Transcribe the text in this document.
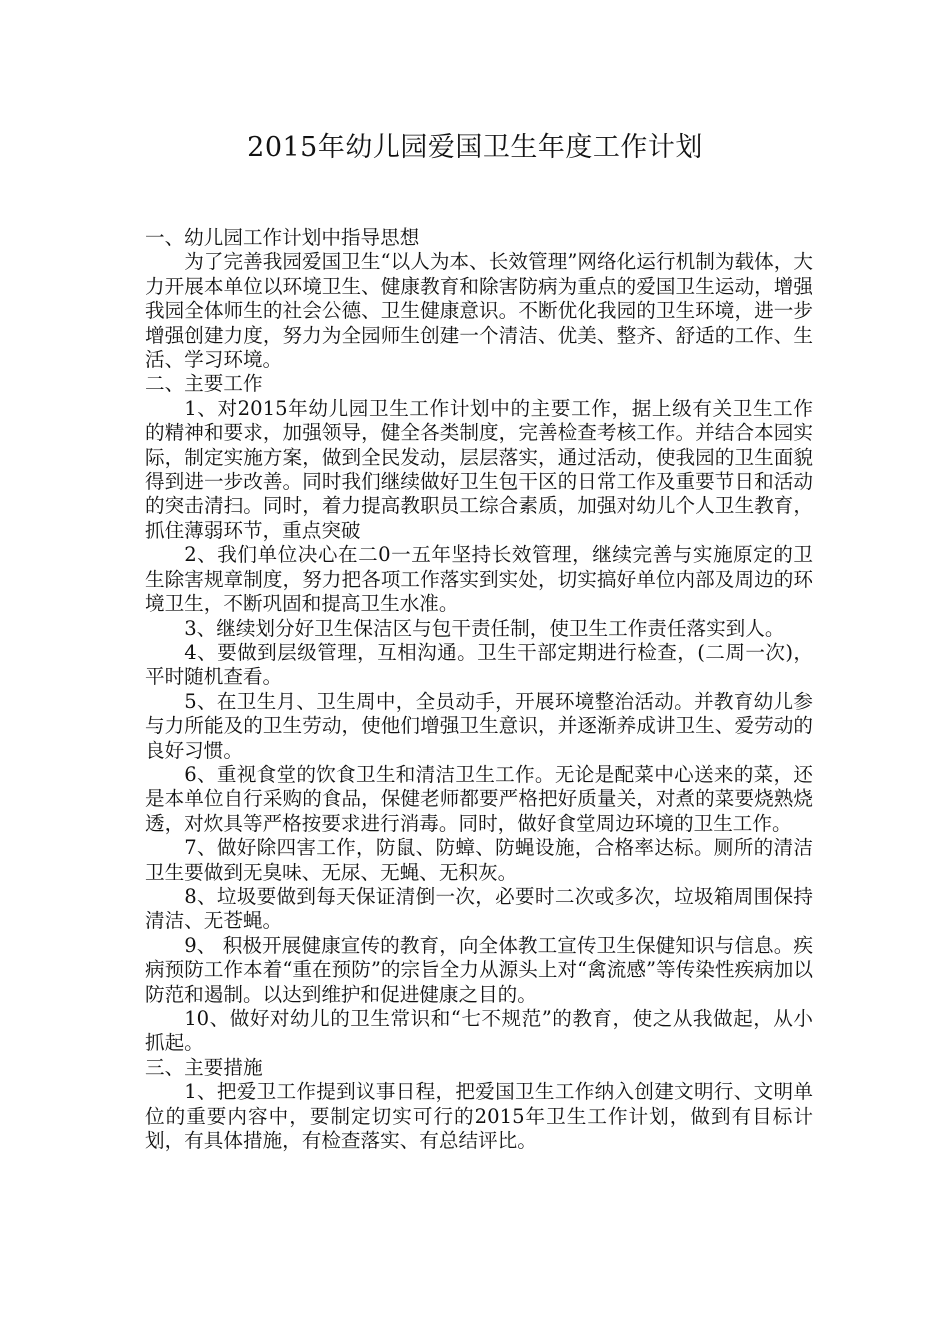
2015年幼儿园爱国卫生年度工作计划

一、幼儿园工作计划中指导思想

为了完善我园爱国卫生“以人为本、长效管理”网络化运行机制为载体，大力开展本单位以环境卫生、健康教育和除害防病为重点的爱国卫生运动，增强我园全体师生的社会公德、卫生健康意识。不断优化我园的卫生环境，进一步增强创建力度，努力为全园师生创建一个清洁、优美、整齐、舒适的工作、生活、学习环境。

二、主要工作

1、对2015年幼儿园卫生工作计划中的主要工作，据上级有关卫生工作的精神和要求，加强领导，健全各类制度，完善检查考核工作。并结合本园实际，制定实施方案，做到全民发动，层层落实，通过活动，使我园的卫生面貌得到进一步改善。同时我们继续做好卫生包干区的日常工作及重要节日和活动的突击清扫。同时，着力提高教职员工综合素质，加强对幼儿个人卫生教育，抓住薄弱环节，重点突破

2、我们单位决心在二0一五年坚持长效管理，继续完善与实施原定的卫生除害规章制度，努力把各项工作落实到实处，切实搞好单位内部及周边的环境卫生，不断巩固和提高卫生水准。

3、继续划分好卫生保洁区与包干责任制，使卫生工作责任落实到人。

4、要做到层级管理，互相沟通。卫生干部定期进行检查，(二周一次)，平时随机查看。

5、在卫生月、卫生周中，全员动手，开展环境整治活动。并教育幼儿参与力所能及的卫生劳动，使他们增强卫生意识，并逐渐养成讲卫生、爱劳动的良好习惯。

6、重视食堂的饮食卫生和清洁卫生工作。无论是配菜中心送来的菜，还是本单位自行采购的食品，保健老师都要严格把好质量关，对煮的菜要烧熟烧透，对炊具等严格按要求进行消毒。同时，做好食堂周边环境的卫生工作。

7、做好除四害工作，防鼠、防蟑、防蝇设施，合格率达标。厕所的清洁卫生要做到无臭味、无尿、无蝇、无积灰。

8、垃圾要做到每天保证清倒一次，必要时二次或多次，垃圾箱周围保持清洁、无苍蝇。

9、 积极开展健康宣传的教育，向全体教工宣传卫生保健知识与信息。疾病预防工作本着“重在预防”的宗旨全力从源头上对“禽流感”等传染性疾病加以防范和遏制。以达到维护和促进健康之目的。

10、做好对幼儿的卫生常识和“七不规范”的教育，使之从我做起，从小抓起。

三、主要措施

1、把爱卫工作提到议事日程，把爱国卫生工作纳入创建文明行、文明单位的重要内容中，要制定切实可行的2015年卫生工作计划，做到有目标计划，有具体措施，有检查落实、有总结评比。
